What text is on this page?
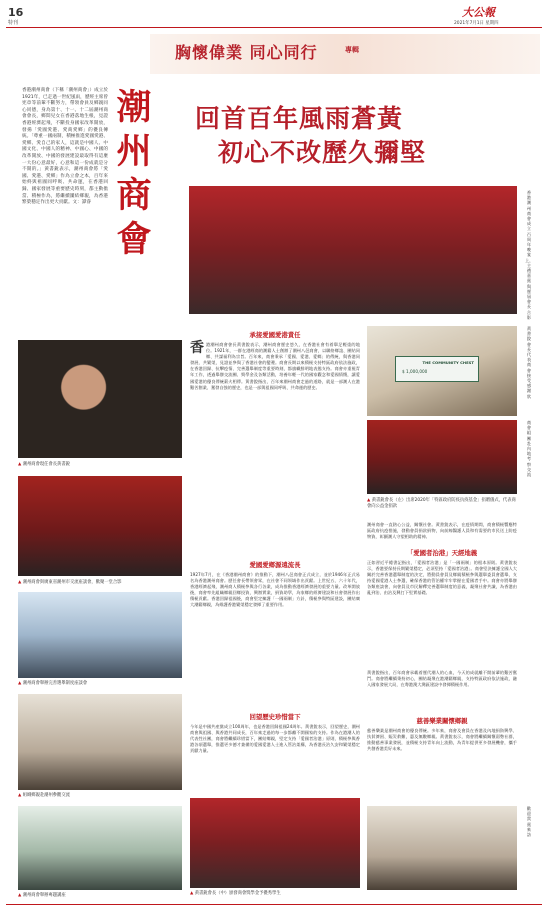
16
特刊
大公報
2021年7月1日 星期四
胸懷偉業 同心同行	專輯
香港潮州商會（下稱「潮州商會」）成立於1921年，已走過一世紀風雨，歷經主席曾宪章等前輩不斷努力，帶領會員及鄉親同心同德，身為第十、十一、十二屆潮州商會會長，鄉間兒女在香港落地生根，見證香港經濟起飛，不斷投身國家改革開放，發揚「愛國愛港、愛商愛鄉」的優良傳統。「尊重一國兩制，積極推進愛國愛港、愛鄉、愛自己的家人，這就是中國人、中國文化、中國人的精神、中國心、中國的改革開放、中國的發展建設最取得有這麼一大份心意最好，心意和這一份成就是分不開的。」黃書銳表示，潮州商會將「愛國、愛港、愛鄉」作為立會之本，百年來始終與祖國同呼吸、共命運，在香港回歸、國家發展等重要歷史時刻，都主動擔當、積極作為，將繼續團結鄉親，為香港繁榮穩定作出更大貢獻。文：譚睿
潮
州
商
會
回首百年風雨蒼黃
初心不改歷久彌堅
香港潮州商會成立百周年晚宴上，主禮嘉賓與歷屆會長合影
▲ 潮州商會現任會長黃書銳
▲ 潮州商會與廣東省潮州市交流座談會，歡聚一堂合影
▲ 潮州商會舉辦完善選舉制度座談會
▲ 組織鄉親赴潮州參觀交流
▲ 潮州商會舉辦專題講座
承接愛國愛港責任
香港潮州商會會長黃書銳表示，潮州商會歷史悠久，在香港社會有着舉足輕重的地位。1921年，一群在港經商的潮籍人士創辦了潮州八邑商會，以聯絡鄉誼、團結同鄉、共謀福利為宗旨。百年來，商會秉承「愛國、愛港、愛鄉」的傳統，與香港同發展、共繁榮，見證並參與了香港社會的變遷。商會長期以來積極支持特區政府依法施政，在香港回歸、抗擊疫情、完善選舉制度等重要時刻，都旗幟鮮明地表態支持。商會亦重視青年工作，透過舉辦交流團、獎學金及各類活動，培養年輕一代的國家觀念和愛國情懷，讓愛國愛港的優良傳統薪火相傳。黃書銳指出，百年來潮州商會走過的道路，就是一部潮人在港艱苦創業、奮發自強的歷史，也是一部與祖國同呼吸、共命運的歷史。
愛國愛鄉源遠流長
1927年7月，在《香港潮州商會》的推動下，潮州八邑商會正式成立，並於1946年正式易名為香港潮州商會。歷任會長帶領會眾，在社會不同領域作出貢獻。上世紀五、六十年代，香港經濟起飛，潮州商人積極參與各行各業，成為推動香港經濟發展的重要力量。改革開放後，商會率先組織鄉親回鄉投資，興辦實業，捐資助學，為家鄉的經濟建設和社會發展作出積極貢獻。香港回歸祖國後，商會堅定擁護「一國兩制」方針，積極參與特區建設，團結廣大潮籍鄉親，為維護香港繁榮穩定發揮了重要作用。
回望歷史珍惜當下
今年是中國共產黨成立100周年，也是香港回歸祖國24周年。黃書銳表示，回望歷史，潮州商會與祖國、與香港共同成長，百年來走過的每一步都離不開國家的支持。作為在港潮人的代表性社團，商會將繼續珍惜當下，團結鄉親，堅定支持「愛國者治港」原則，積極參與香港各項選舉，推選更多德才兼備的愛國愛港人士進入管治架構，為香港長治久安和繁榮穩定貢獻力量。
▲ 黃書銳會長（中）頒發商會獎學金予優秀學生
THE COMMUNITY CHEST
$ 1,000,000
黃書銳會長代表商會接受感謝狀
商會組團赴內地考察交流
▲ 黃書銳會長（左）出席2020年「特區政府防疫抗疫基金」捐贈儀式，代表商會向公益金捐款
潮州商會一直熱心公益，關懷社會。黃書銳表示，在疫情期間，商會積極響應特區政府抗疫措施，發動會員捐款捐物，向前線醫護人員和有需要的市民送上防疫物資，彰顯潮人守望相助的精神。
「愛國者治港」天經地義
正如習近平總書記指出，「愛國者治港」是「一國兩制」的根本原則。黃書銳表示，香港要保持長期繁榮穩定，必須堅持「愛國者治港」。商會堅決擁護全國人大關於完善香港選舉制度的決定，將動員會員及鄉親積極參與選舉委員會選舉，支持愛國愛港人士參選，確保香港的管治權牢牢掌握在愛國者手中。商會亦將舉辦各類座談會，向會員及市民解釋完善選舉制度的意義，凝聚社會共識，為香港由亂到治、由治及興打下堅實基礎。
黃書銳指出，百年商會承載着歷代潮人的心血，今天的成就離不開前輩的艱苦奮鬥。商會將繼續秉持初心，團結凝聚在港潮籍鄉親，支持特區政府依法施政，融入國家發展大局，在粵港澳大灣區建設中發揮積極作用。
慈善樂業關懷鄉親
慈善樂業是潮州商會的優良傳統。多年來，商會及會員在香港及內地捐資興學、扶貧濟困、賑災救難，惠及無數鄉親。黃書銳表示，商會將繼續關懷弱勢社群，推動慈善事業發展，並積極支持青年向上流動，為青年提供更多發展機會，攜手共創香港美好未來。
歡迎貴賓來訪
